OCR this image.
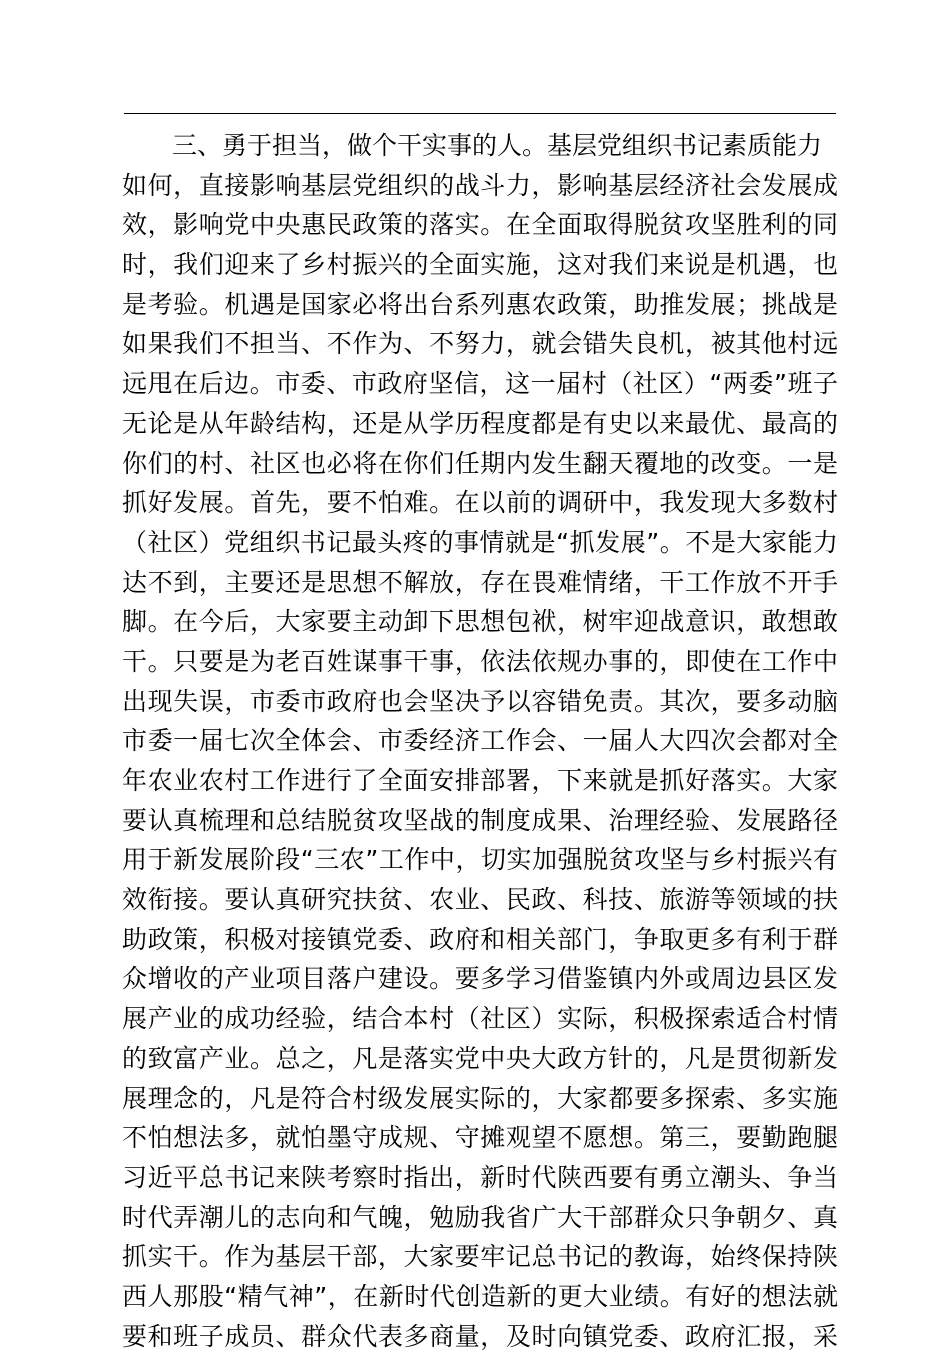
　　三、勇于担当，做个干实事的人。基层党组织书记素质能力
如何，直接影响基层党组织的战斗力，影响基层经济社会发展成
效，影响党中央惠民政策的落实。在全面取得脱贫攻坚胜利的同
时，我们迎来了乡村振兴的全面实施，这对我们来说是机遇，也
是考验。机遇是国家必将出台系列惠农政策，助推发展；挑战是
如果我们不担当、不作为、不努力，就会错失良机，被其他村远
远甩在后边。市委、市政府坚信，这一届村（社区）“两委”班子
无论是从年龄结构，还是从学历程度都是有史以来最优、最高的
你们的村、社区也必将在你们任期内发生翻天覆地的改变。一是
抓好发展。首先，要不怕难。在以前的调研中，我发现大多数村
（社区）党组织书记最头疼的事情就是“抓发展”。不是大家能力
达不到，主要还是思想不解放，存在畏难情绪，干工作放不开手
脚。在今后，大家要主动卸下思想包袱，树牢迎战意识，敢想敢
干。只要是为老百姓谋事干事，依法依规办事的，即使在工作中
出现失误，市委市政府也会坚决予以容错免责。其次，要多动脑
市委一届七次全体会、市委经济工作会、一届人大四次会都对全
年农业农村工作进行了全面安排部署，下来就是抓好落实。大家
要认真梳理和总结脱贫攻坚战的制度成果、治理经验、发展路径
用于新发展阶段“三农”工作中，切实加强脱贫攻坚与乡村振兴有
效衔接。要认真研究扶贫、农业、民政、科技、旅游等领域的扶
助政策，积极对接镇党委、政府和相关部门，争取更多有利于群
众增收的产业项目落户建设。要多学习借鉴镇内外或周边县区发
展产业的成功经验，结合本村（社区）实际，积极探索适合村情
的致富产业。总之，凡是落实党中央大政方针的，凡是贯彻新发
展理念的，凡是符合村级发展实际的，大家都要多探索、多实施
不怕想法多，就怕墨守成规、守摊观望不愿想。第三，要勤跑腿
习近平总书记来陕考察时指出，新时代陕西要有勇立潮头、争当
时代弄潮儿的志向和气魄，勉励我省广大干部群众只争朝夕、真
抓实干。作为基层干部，大家要牢记总书记的教诲，始终保持陕
西人那股“精气神”，在新时代创造新的更大业绩。有好的想法就
要和班子成员、群众代表多商量，及时向镇党委、政府汇报，采
